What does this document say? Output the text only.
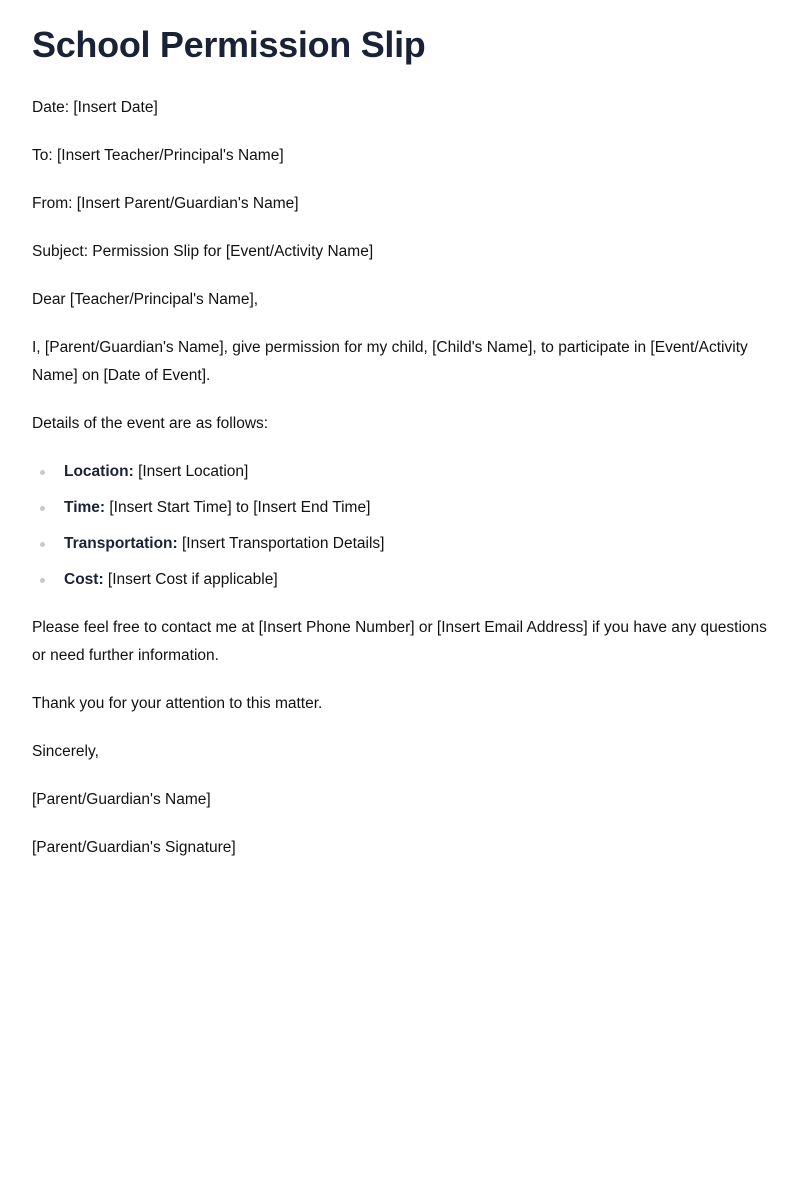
School Permission Slip

Date: [Insert Date]

To: [Insert Teacher/Principal's Name]

From: [Insert Parent/Guardian's Name]

Subject: Permission Slip for [Event/Activity Name]

Dear [Teacher/Principal's Name],

I, [Parent/Guardian's Name], give permission for my child, [Child's Name], to participate in [Event/Activity Name] on [Date of Event].

Details of the event are as follows:

Location: [Insert Location]
Time: [Insert Start Time] to [Insert End Time]
Transportation: [Insert Transportation Details]
Cost: [Insert Cost if applicable]

Please feel free to contact me at [Insert Phone Number] or [Insert Email Address] if you have any questions or need further information.

Thank you for your attention to this matter.

Sincerely,

[Parent/Guardian's Name]

[Parent/Guardian's Signature]
